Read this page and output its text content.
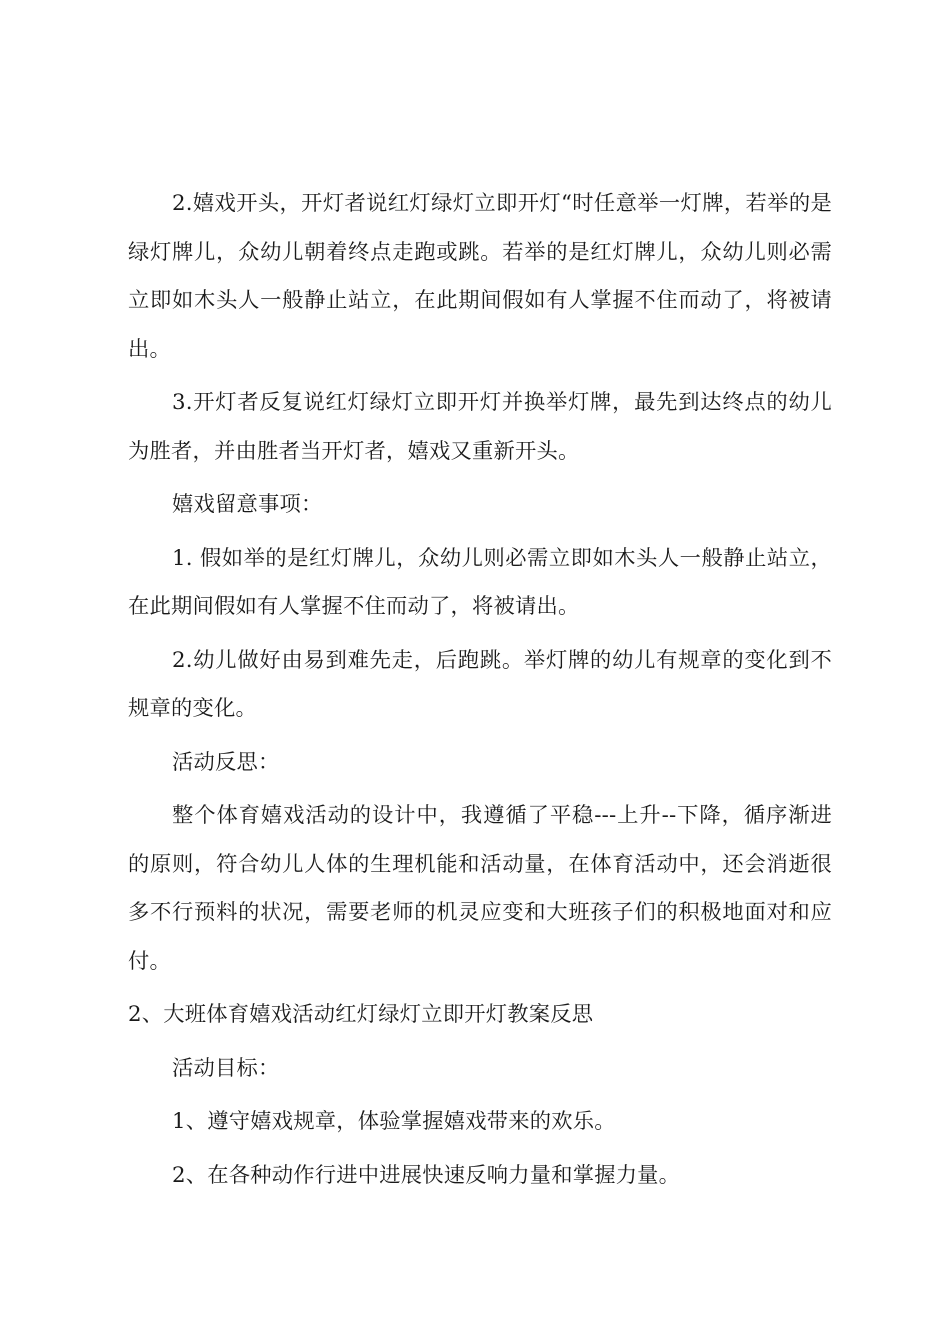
2.嬉戏开头，开灯者说红灯绿灯立即开灯“时任意举一灯牌，若举的是绿灯牌儿，众幼儿朝着终点走跑或跳。若举的是红灯牌儿，众幼儿则必需立即如木头人一般静止站立，在此期间假如有人掌握不住而动了，将被请出。

3.开灯者反复说红灯绿灯立即开灯并换举灯牌，最先到达终点的幼儿为胜者，并由胜者当开灯者，嬉戏又重新开头。

嬉戏留意事项：

1. 假如举的是红灯牌儿，众幼儿则必需立即如木头人一般静止站立，在此期间假如有人掌握不住而动了，将被请出。

2.幼儿做好由易到难先走，后跑跳。举灯牌的幼儿有规章的变化到不规章的变化。

活动反思：

整个体育嬉戏活动的设计中，我遵循了平稳---上升--下降，循序渐进的原则，符合幼儿人体的生理机能和活动量，在体育活动中，还会消逝很多不行预料的状况，需要老师的机灵应变和大班孩子们的积极地面对和应付。

2、大班体育嬉戏活动红灯绿灯立即开灯教案反思

活动目标：

1、遵守嬉戏规章，体验掌握嬉戏带来的欢乐。

2、在各种动作行进中进展快速反响力量和掌握力量。
